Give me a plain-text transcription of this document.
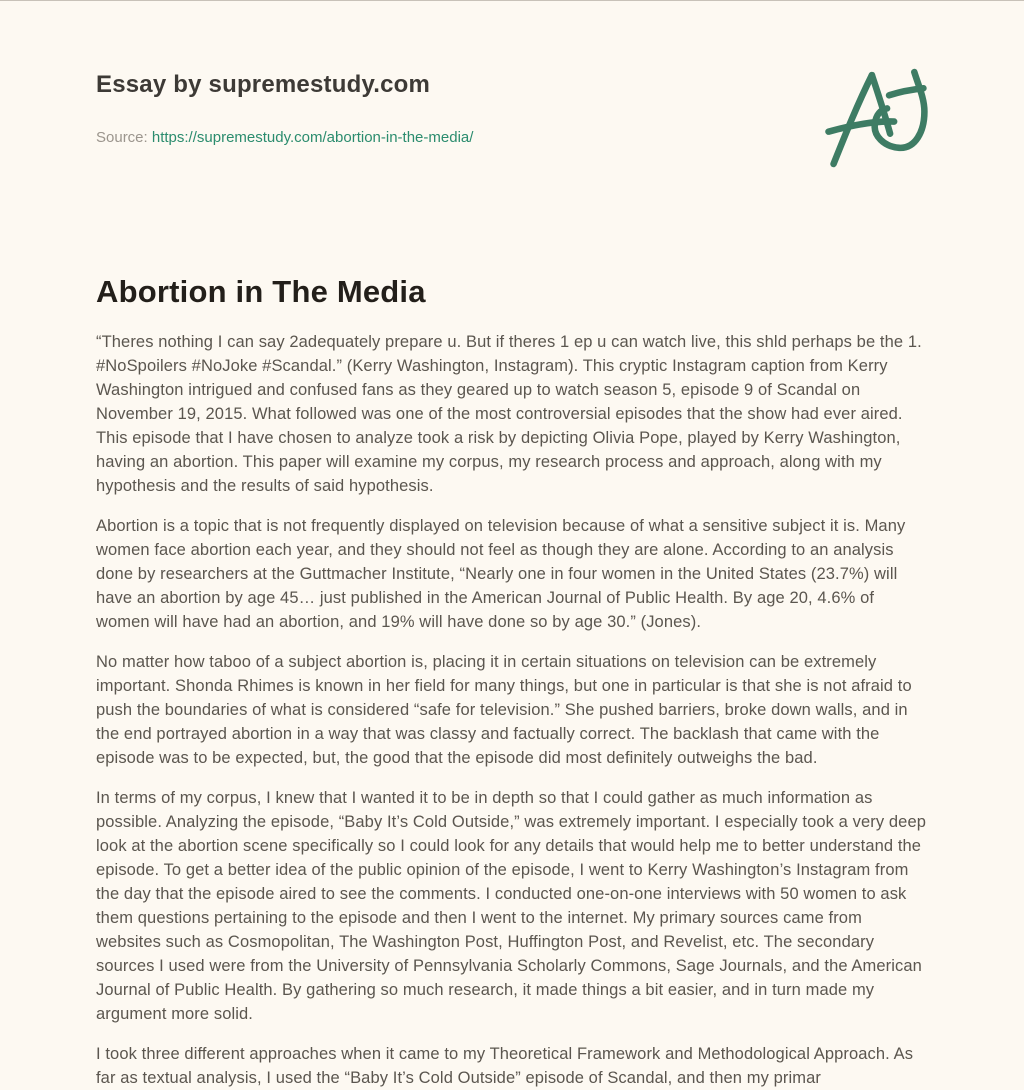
Essay by supremestudy.com
Source: https://supremestudy.com/abortion-in-the-media/
Abortion in The Media

“Theres nothing I can say 2adequately prepare u. But if theres 1 ep u can watch live, this shld perhaps be the 1. #NoSpoilers #NoJoke #Scandal.” (Kerry Washington, Instagram). This cryptic Instagram caption from Kerry Washington intrigued and confused fans as they geared up to watch season 5, episode 9 of Scandal on November 19, 2015. What followed was one of the most controversial episodes that the show had ever aired. This episode that I have chosen to analyze took a risk by depicting Olivia Pope, played by Kerry Washington, having an abortion. This paper will examine my corpus, my research process and approach, along with my hypothesis and the results of said hypothesis.

Abortion is a topic that is not frequently displayed on television because of what a sensitive subject it is. Many women face abortion each year, and they should not feel as though they are alone. According to an analysis done by researchers at the Guttmacher Institute, “Nearly one in four women in the United States (23.7%) will have an abortion by age 45… just published in the American Journal of Public Health. By age 20, 4.6% of women will have had an abortion, and 19% will have done so by age 30.” (Jones).

No matter how taboo of a subject abortion is, placing it in certain situations on television can be extremely important. Shonda Rhimes is known in her field for many things, but one in particular is that she is not afraid to push the boundaries of what is considered “safe for television.” She pushed barriers, broke down walls, and in the end portrayed abortion in a way that was classy and factually correct. The backlash that came with the episode was to be expected, but, the good that the episode did most definitely outweighs the bad.

In terms of my corpus, I knew that I wanted it to be in depth so that I could gather as much information as possible. Analyzing the episode, “Baby It’s Cold Outside,” was extremely important. I especially took a very deep look at the abortion scene specifically so I could look for any details that would help me to better understand the episode. To get a better idea of the public opinion of the episode, I went to Kerry Washington’s Instagram from the day that the episode aired to see the comments. I conducted one-on-one interviews with 50 women to ask them questions pertaining to the episode and then I went to the internet. My primary sources came from websites such as Cosmopolitan, The Washington Post, Huffington Post, and Revelist, etc. The secondary sources I used were from the University of Pennsylvania Scholarly Commons, Sage Journals, and the American Journal of Public Health. By gathering so much research, it made things a bit easier, and in turn made my argument more solid.

I took three different approaches when it came to my Theoretical Framework and Methodological Approach. As far as textual analysis, I used the “Baby It’s Cold Outside” episode of Scandal, and then my primar
